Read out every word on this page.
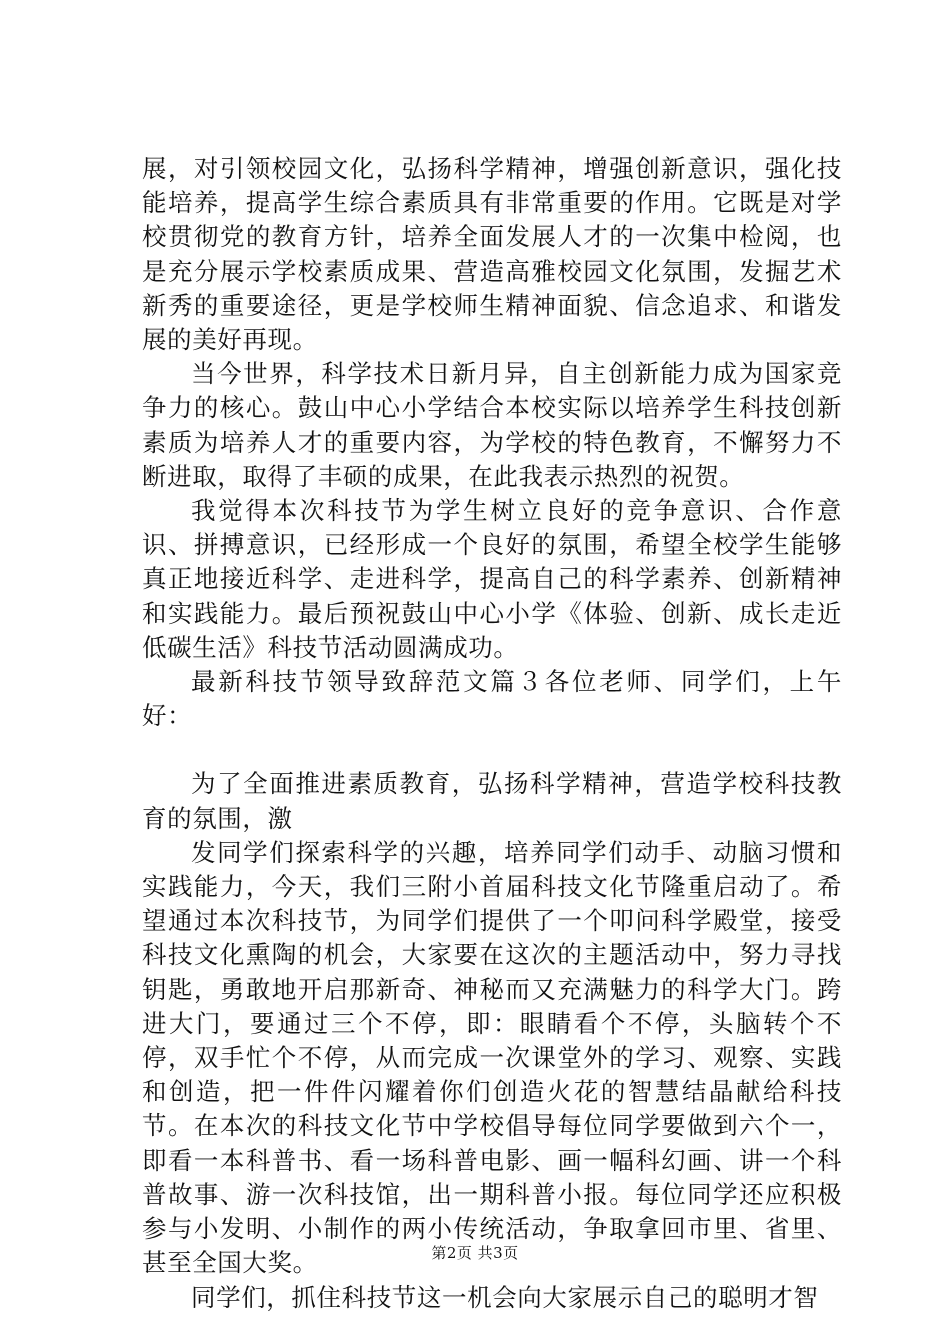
展，对引领校园文化，弘扬科学精神，增强创新意识，强化技能培养，提高学生综合素质具有非常重要的作用。它既是对学校贯彻党的教育方针，培养全面发展人才的一次集中检阅，也是充分展示学校素质成果、营造高雅校园文化氛围，发掘艺术新秀的重要途径，更是学校师生精神面貌、信念追求、和谐发展的美好再现。

当今世界，科学技术日新月异，自主创新能力成为国家竞争力的核心。鼓山中心小学结合本校实际以培养学生科技创新素质为培养人才的重要内容，为学校的特色教育，不懈努力不断进取，取得了丰硕的成果，在此我表示热烈的祝贺。

我觉得本次科技节为学生树立良好的竞争意识、合作意识、拼搏意识，已经形成一个良好的氛围，希望全校学生能够真正地接近科学、走进科学，提高自己的科学素养、创新精神和实践能力。最后预祝鼓山中心小学《体验、创新、成长走近低碳生活》科技节活动圆满成功。

最新科技节领导致辞范文篇３各位老师、同学们，上午好：

为了全面推进素质教育，弘扬科学精神，营造学校科技教育的氛围，激

发同学们探索科学的兴趣，培养同学们动手、动脑习惯和实践能力，今天，我们三附小首届科技文化节隆重启动了。希望通过本次科技节，为同学们提供了一个叩问科学殿堂，接受科技文化熏陶的机会，大家要在这次的主题活动中，努力寻找钥匙，勇敢地开启那新奇、神秘而又充满魅力的科学大门。跨进大门，要通过三个不停，即：眼睛看个不停，头脑转个不停，双手忙个不停，从而完成一次课堂外的学习、观察、实践和创造，把一件件闪耀着你们创造火花的智慧结晶献给科技节。在本次的科技文化节中学校倡导每位同学要做到六个一，即看一本科普书、看一场科普电影、画一幅科幻画、讲一个科普故事、游一次科技馆，出一期科普小报。每位同学还应积极参与小发明、小制作的两小传统活动，争取拿回市里、省里、甚至全国大奖。

同学们，抓住科技节这一机会向大家展示自己的聪明才智

第2页 共3页
